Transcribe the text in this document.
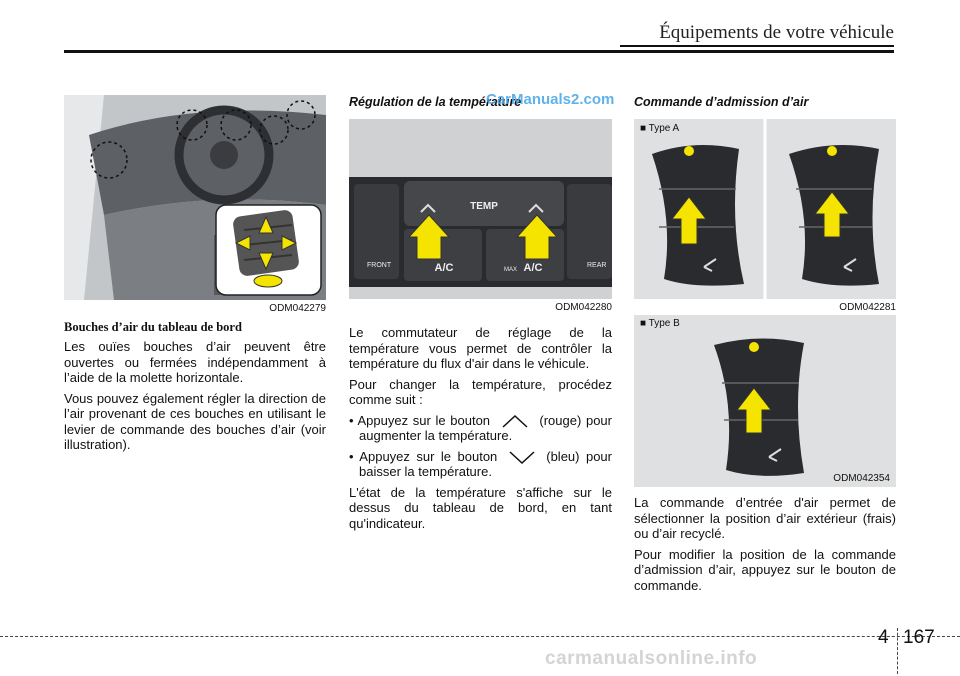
Équipements de votre véhicule
ODM042279
Bouches d’air du tableau de bord

Les ouïes bouches d’air peuvent être ouvertes ou fermées indépendamment à l’aide de la molette horizontale.

Vous pouvez également régler la direction de l’air provenant de ces bouches en utilisant le levier de commande des bouches d’air (voir illustration).

Régulation de la température
TEMP
FRONT	REAR
A/C	MAX A/C
ODM042280

Le commutateur de réglage de la température vous permet de contrôler la température du flux d'air dans le véhicule.

Pour changer la température, procédez comme suit :

• Appuyez sur le bouton	(rouge) pour augmenter la température.

• Appuyez sur le bouton	(bleu) pour baisser la température.

L'état de la température s'affiche sur le dessus du tableau de bord, en tant qu'indicateur.

Commande d’admission d’air
■ Type A
ODM042281
■ Type B
ODM042354

La commande d’entrée d'air permet de sélectionner la position d’air extérieur (frais) ou d’air recyclé.

Pour modifier la position de la commande d’admission d’air, appuyez sur le bouton de commande.

CarManuals2.com
4 167
carmanualsonline.info
